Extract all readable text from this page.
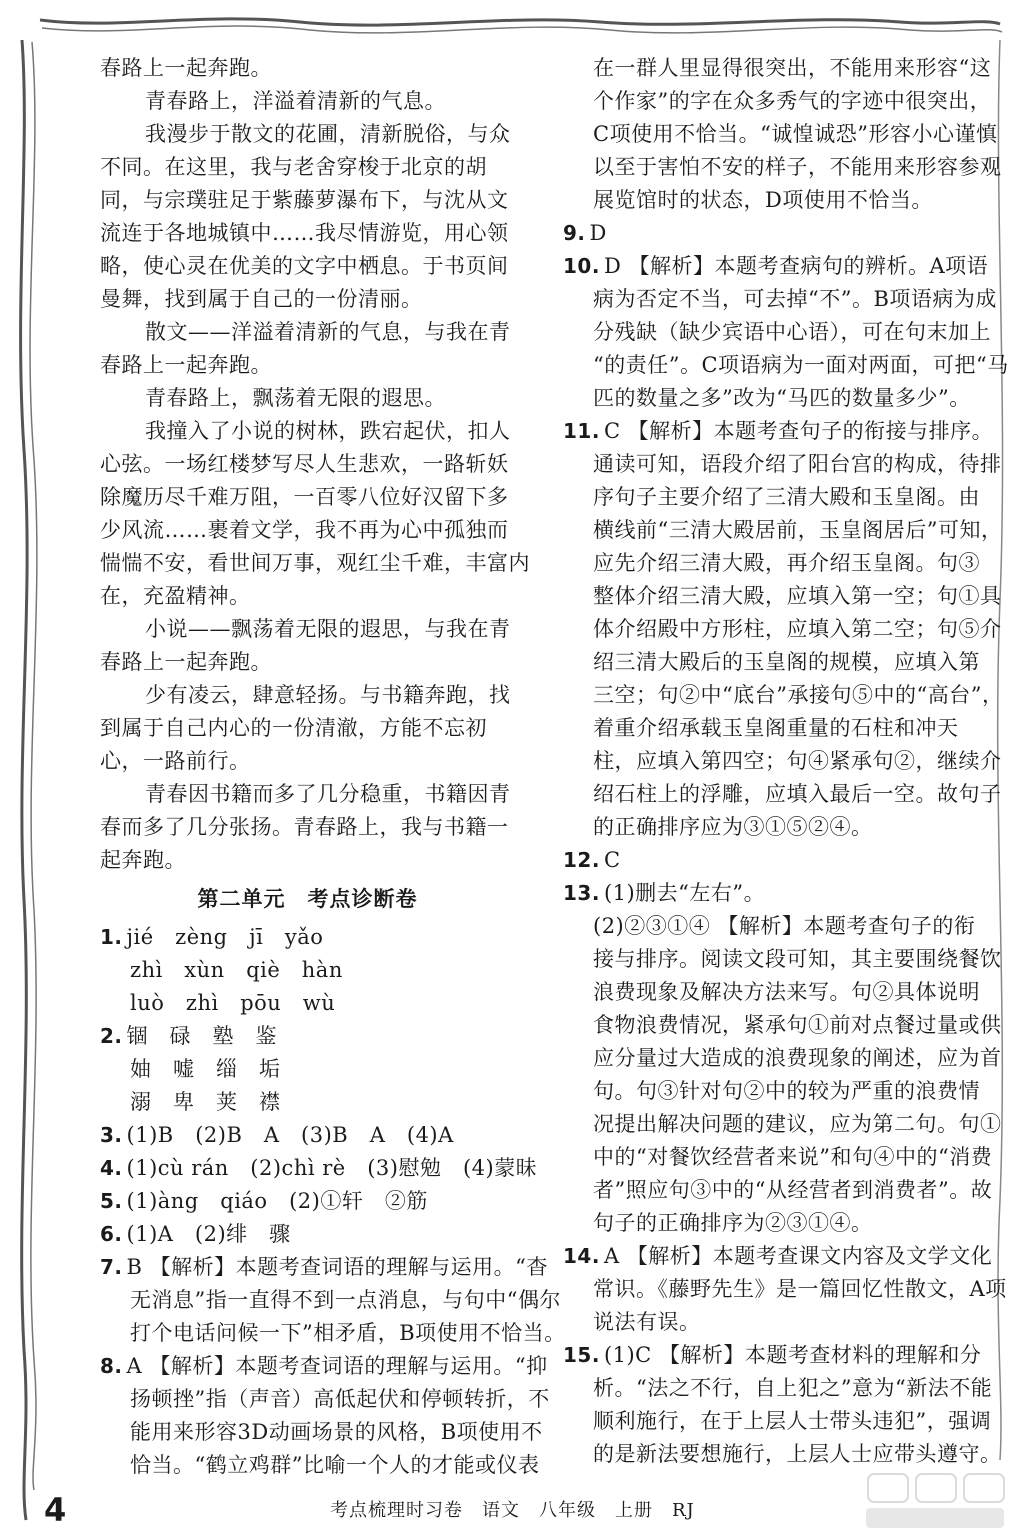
春路上一起奔跑。
青春路上，洋溢着清新的气息。
我漫步于散文的花圃，清新脱俗，与众
不同。在这里，我与老舍穿梭于北京的胡
同，与宗璞驻足于紫藤萝瀑布下，与沈从文
流连于各地城镇中……我尽情游览，用心领
略，使心灵在优美的文字中栖息。于书页间
曼舞，找到属于自己的一份清丽。
散文——洋溢着清新的气息，与我在青
春路上一起奔跑。
青春路上，飘荡着无限的遐思。
我撞入了小说的树林，跌宕起伏，扣人
心弦。一场红楼梦写尽人生悲欢，一路斩妖
除魔历尽千难万阻，一百零八位好汉留下多
少风流……裹着文学，我不再为心中孤独而
惴惴不安，看世间万事，观红尘千难，丰富内
在，充盈精神。
小说——飘荡着无限的遐思，与我在青
春路上一起奔跑。
少有凌云，肆意轻扬。与书籍奔跑，找
到属于自己内心的一份清澈，方能不忘初
心，一路前行。
青春因书籍而多了几分稳重，书籍因青
春而多了几分张扬。青春路上，我与书籍一
起奔跑。
第二单元　考点诊断卷
1. jié　zèng　jī　yǎo
zhì　xùn　qiè　hàn
luò　zhì　pōu　wù
2. 锢　碌　塾　鉴
妯　嘘　缁　垢
溺　卑　荚　襟
3. (1)B　(2)B　A　(3)B　A　(4)A
4. (1)cù rán　(2)chì rè　(3)慰勉　(4)蒙昧
5. (1)àng　qiáo　(2)①轩　②筋
6. (1)A　(2)绯　骤
7. B 【解析】本题考查词语的理解与运用。“杳
无消息”指一直得不到一点消息，与句中“偶尔
打个电话问候一下”相矛盾，B项使用不恰当。
8. A 【解析】本题考查词语的理解与运用。“抑
扬顿挫”指（声音）高低起伏和停顿转折，不
能用来形容3D动画场景的风格，B项使用不
恰当。“鹤立鸡群”比喻一个人的才能或仪表
在一群人里显得很突出，不能用来形容“这
个作家”的字在众多秀气的字迹中很突出，
C项使用不恰当。“诚惶诚恐”形容小心谨慎
以至于害怕不安的样子，不能用来形容参观
展览馆时的状态，D项使用不恰当。
9. D
10. D 【解析】本题考查病句的辨析。A项语
病为否定不当，可去掉“不”。B项语病为成
分残缺（缺少宾语中心语），可在句末加上
“的责任”。C项语病为一面对两面，可把“马
匹的数量之多”改为“马匹的数量多少”。
11. C 【解析】本题考查句子的衔接与排序。
通读可知，语段介绍了阳台宫的构成，待排
序句子主要介绍了三清大殿和玉皇阁。由
横线前“三清大殿居前，玉皇阁居后”可知，
应先介绍三清大殿，再介绍玉皇阁。句③
整体介绍三清大殿，应填入第一空；句①具
体介绍殿中方形柱，应填入第二空；句⑤介
绍三清大殿后的玉皇阁的规模，应填入第
三空；句②中“底台”承接句⑤中的“高台”，
着重介绍承载玉皇阁重量的石柱和冲天
柱，应填入第四空；句④紧承句②，继续介
绍石柱上的浮雕，应填入最后一空。故句子
的正确排序应为③①⑤②④。
12. C
13. (1)删去“左右”。
(2)②③①④ 【解析】本题考查句子的衔
接与排序。阅读文段可知，其主要围绕餐饮
浪费现象及解决方法来写。句②具体说明
食物浪费情况，紧承句①前对点餐过量或供
应分量过大造成的浪费现象的阐述，应为首
句。句③针对句②中的较为严重的浪费情
况提出解决问题的建议，应为第二句。句①
中的“对餐饮经营者来说”和句④中的“消费
者”照应句③中的“从经营者到消费者”。故
句子的正确排序为②③①④。
14. A 【解析】本题考查课文内容及文学文化
常识。《藤野先生》是一篇回忆性散文，A项
说法有误。
15. (1)C 【解析】本题考查材料的理解和分
析。“法之不行，自上犯之”意为“新法不能
顺利施行，在于上层人士带头违犯”，强调
的是新法要想施行，上层人士应带头遵守。
4	考点梳理时习卷　语文　八年级　上册　RJ
